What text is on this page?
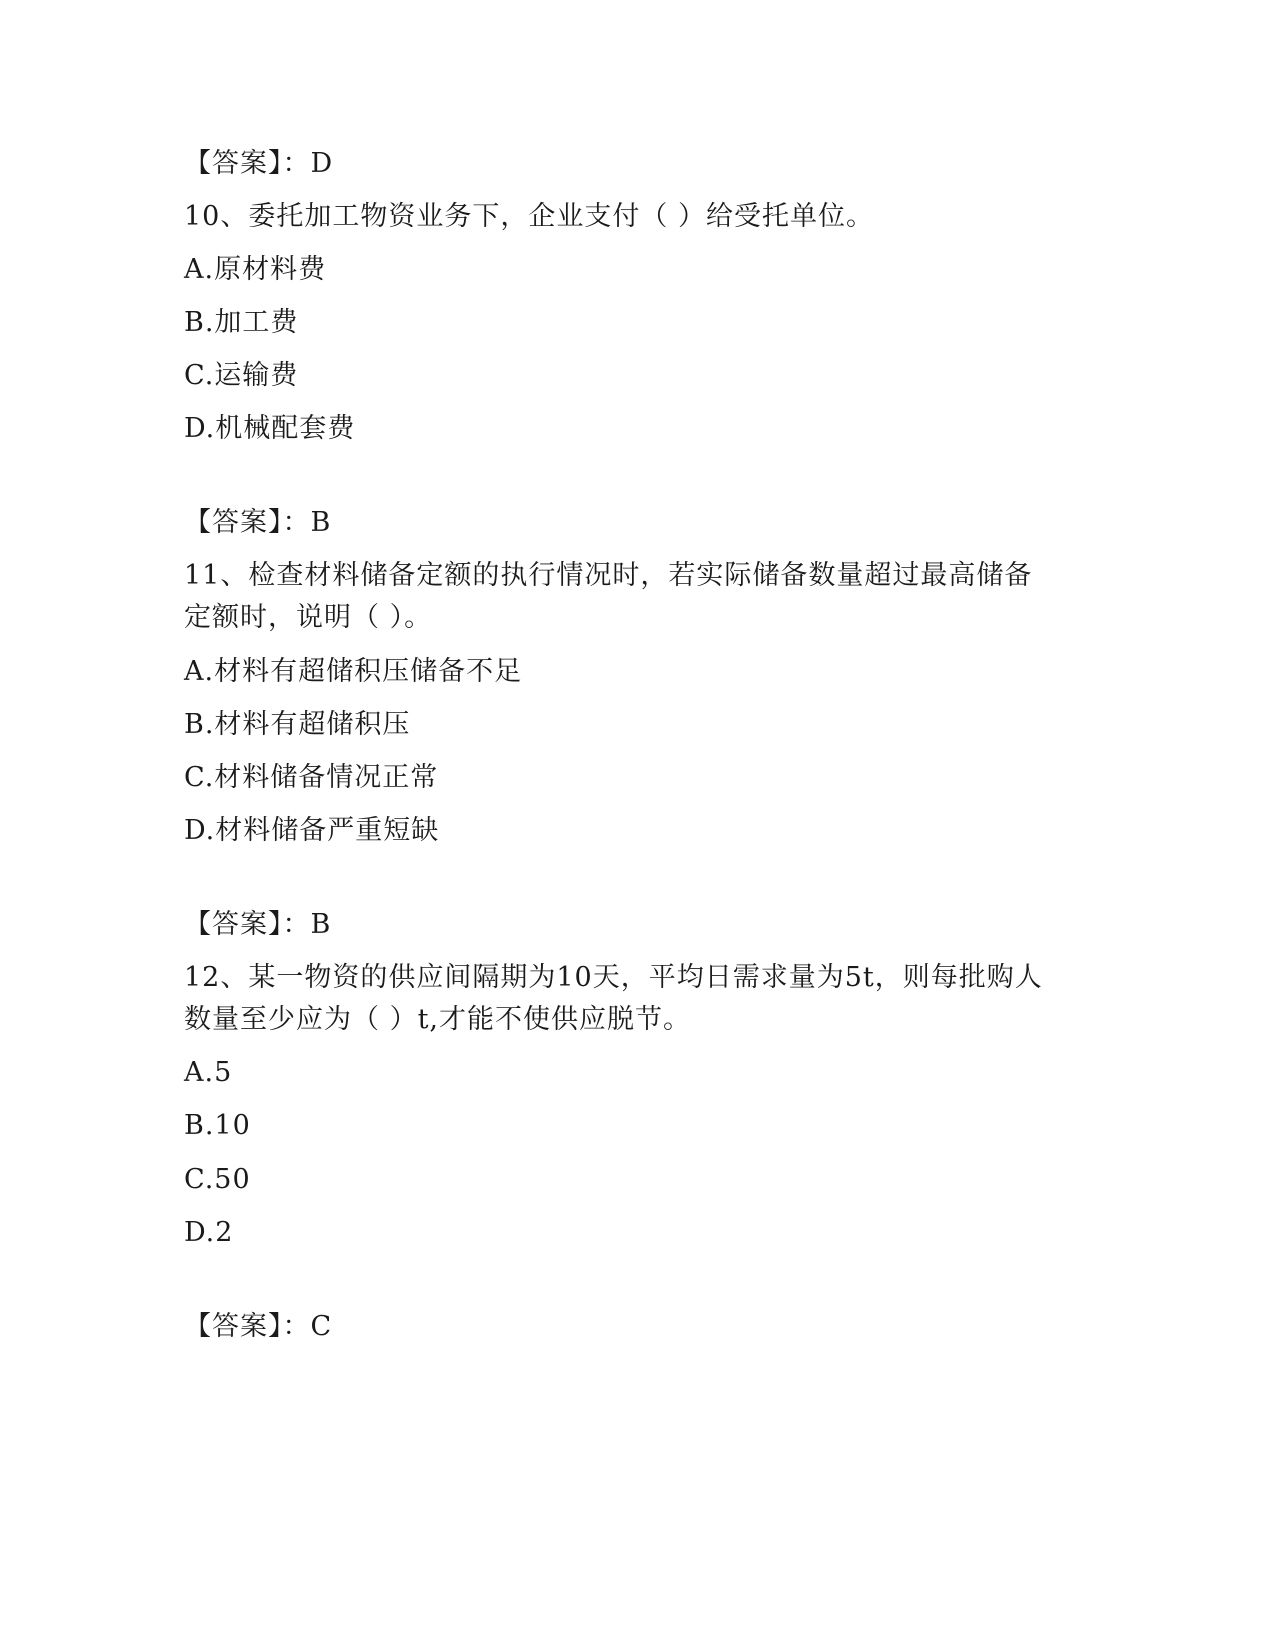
【答案】：D
10、委托加工物资业务下，企业支付（ ）给受托单位。
A.原材料费
B.加工费
C.运输费
D.机械配套费
【答案】：B
11、检查材料储备定额的执行情况时，若实际储备数量超过最高储备
定额时，说明（ ）。
A.材料有超储积压储备不足
B.材料有超储积压
C.材料储备情况正常
D.材料储备严重短缺
【答案】：B
12、某一物资的供应间隔期为10天，平均日需求量为5t，则每批购人
数量至少应为（ ）t,才能不使供应脱节。
A.5
B.10
C.50
D.2
【答案】：C
